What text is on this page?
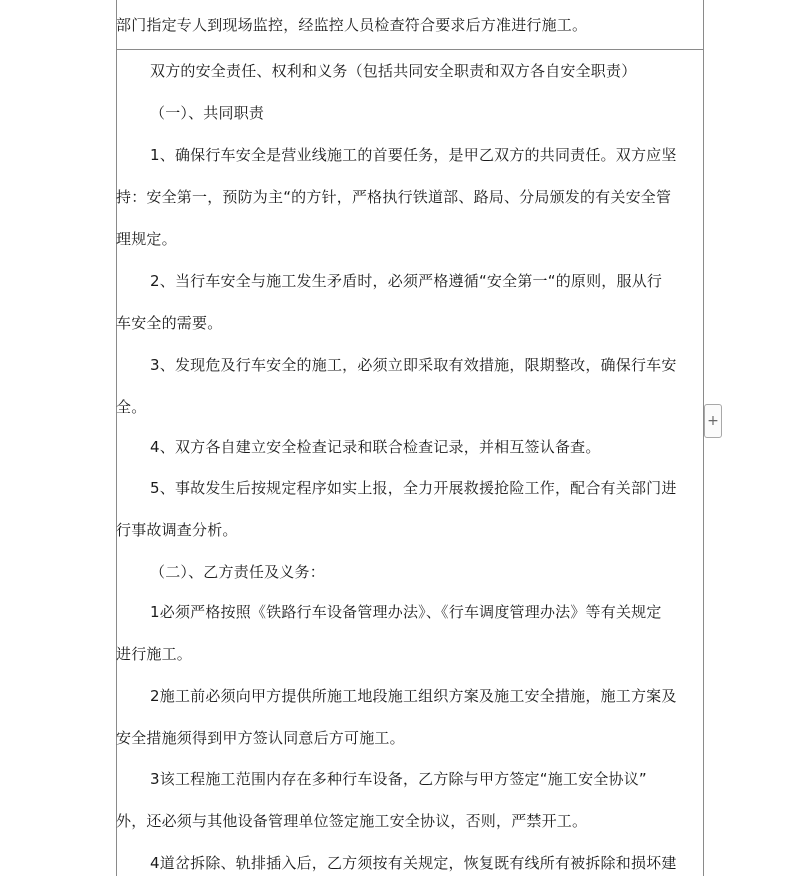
部门指定专人到现场监控，经监控人员检查符合要求后方准进行施工。
双方的安全责任、权利和义务（包括共同安全职责和双方各自安全职责）
（一）、共同职责
1、确保行车安全是营业线施工的首要任务，是甲乙双方的共同责任。双方应坚
持：安全第一，预防为主“的方针，严格执行铁道部、路局、分局颁发的有关安全管
理规定。
2、当行车安全与施工发生矛盾时，必须严格遵循“安全第一“的原则，服从行
车安全的需要。
3、发现危及行车安全的施工，必须立即采取有效措施，限期整改，确保行车安
全。
4、双方各自建立安全检查记录和联合检查记录，并相互签认备查。
5、事故发生后按规定程序如实上报，全力开展救援抢险工作，配合有关部门进
行事故调查分析。
（二）、乙方责任及义务：
1必须严格按照《铁路行车设备管理办法》、《行车调度管理办法》等有关规定
进行施工。
2施工前必须向甲方提供所施工地段施工组织方案及施工安全措施，施工方案及
安全措施须得到甲方签认同意后方可施工。
3该工程施工范围内存在多种行车设备，乙方除与甲方签定“施工安全协议”
外，还必须与其他设备管理单位签定施工安全协议，否则，严禁开工。
4道岔拆除、轨排插入后，乙方须按有关规定，恢复既有线所有被拆除和损坏建
+
